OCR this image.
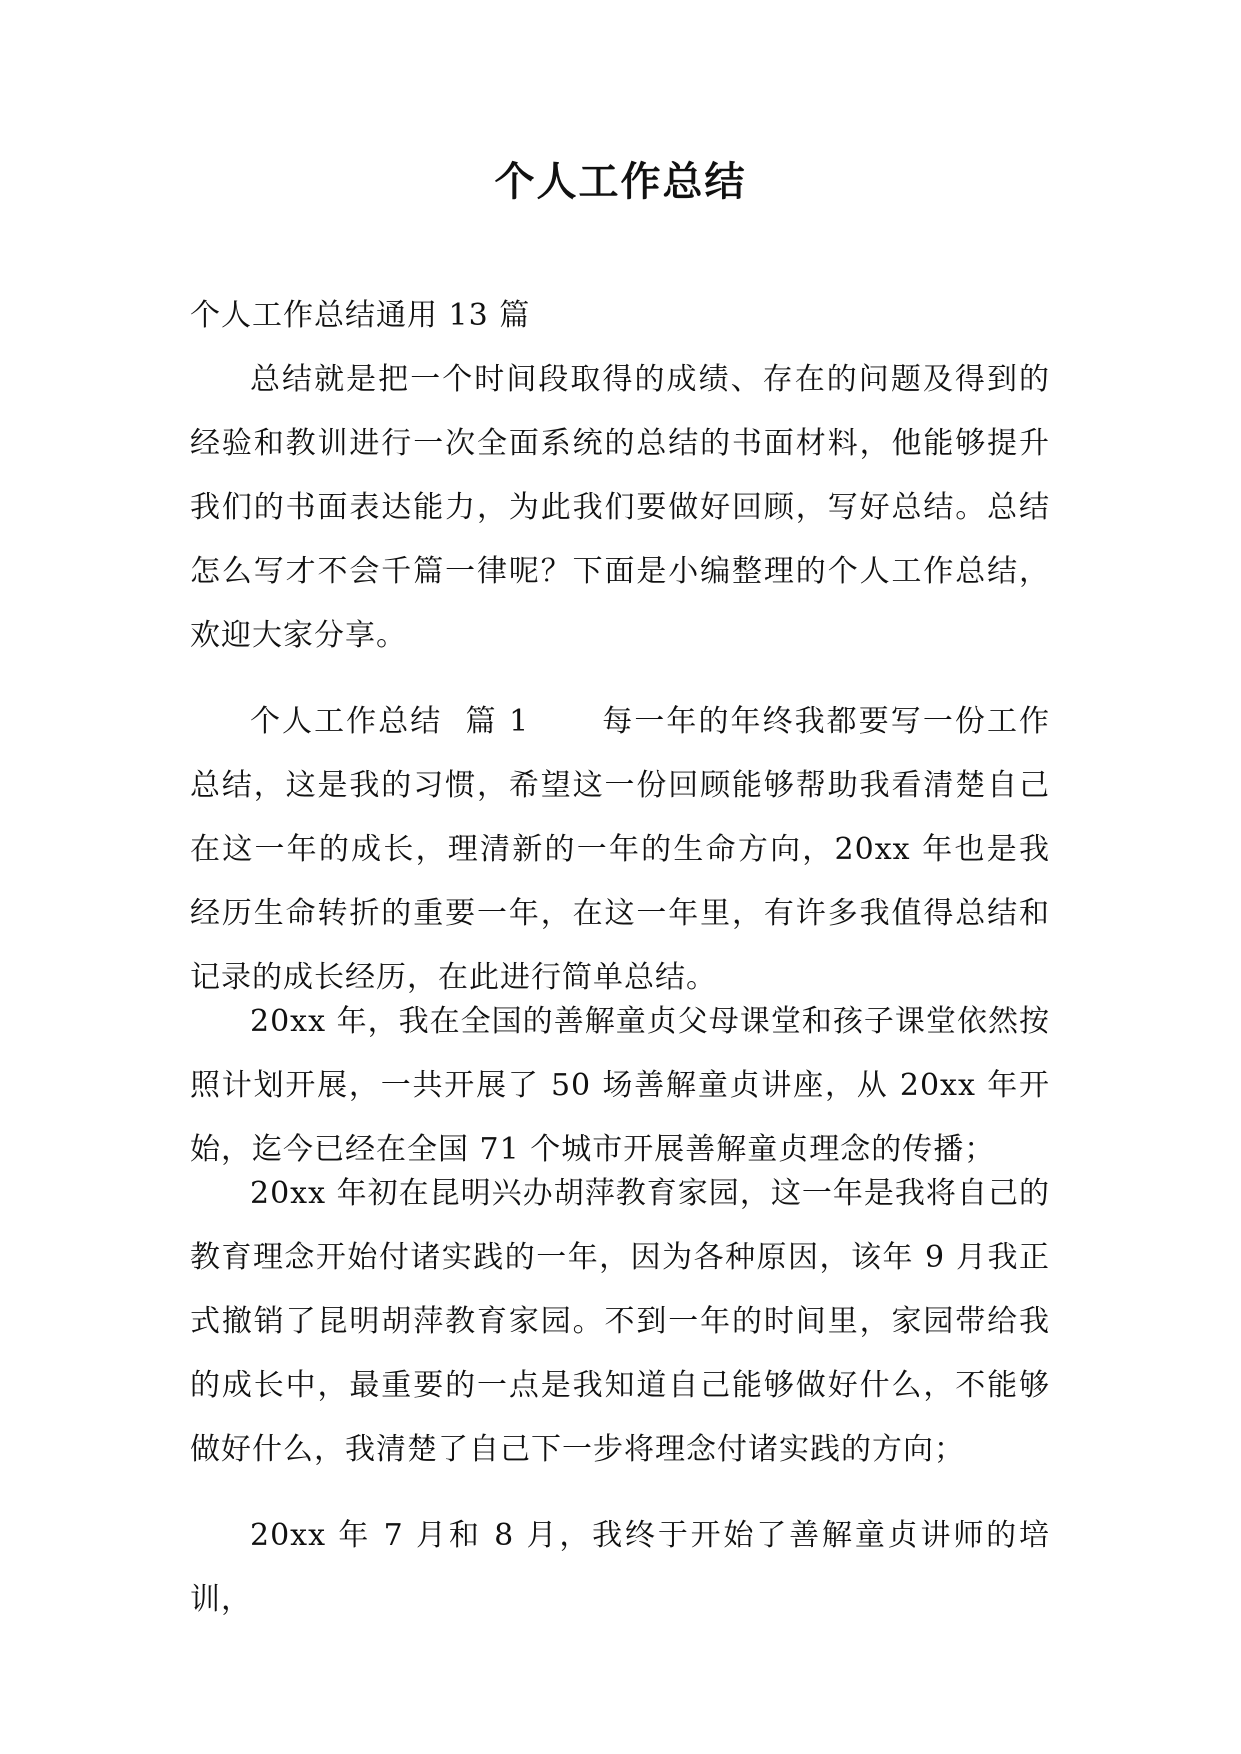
个人工作总结

个人工作总结通用 13 篇

总结就是把一个时间段取得的成绩、存在的问题及得到的经验和教训进行一次全面系统的总结的书面材料，他能够提升我们的书面表达能力，为此我们要做好回顾，写好总结。总结怎么写才不会千篇一律呢？下面是小编整理的个人工作总结，欢迎大家分享。

个人工作总结  篇 1 每一年的年终我都要写一份工作总结，这是我的习惯，希望这一份回顾能够帮助我看清楚自己在这一年的成长，理清新的一年的生命方向，20xx 年也是我经历生命转折的重要一年，在这一年里，有许多我值得总结和记录的成长经历，在此进行简单总结。

20xx 年，我在全国的善解童贞父母课堂和孩子课堂依然按照计划开展，一共开展了 50 场善解童贞讲座，从 20xx 年开始，迄今已经在全国 71 个城市开展善解童贞理念的传播；

20xx 年初在昆明兴办胡萍教育家园，这一年是我将自己的教育理念开始付诸实践的一年，因为各种原因，该年 9 月我正式撤销了昆明胡萍教育家园。不到一年的时间里，家园带给我的成长中，最重要的一点是我知道自己能够做好什么，不能够做好什么，我清楚了自己下一步将理念付诸实践的方向；

20xx 年 7 月和 8 月，我终于开始了善解童贞讲师的培训，
